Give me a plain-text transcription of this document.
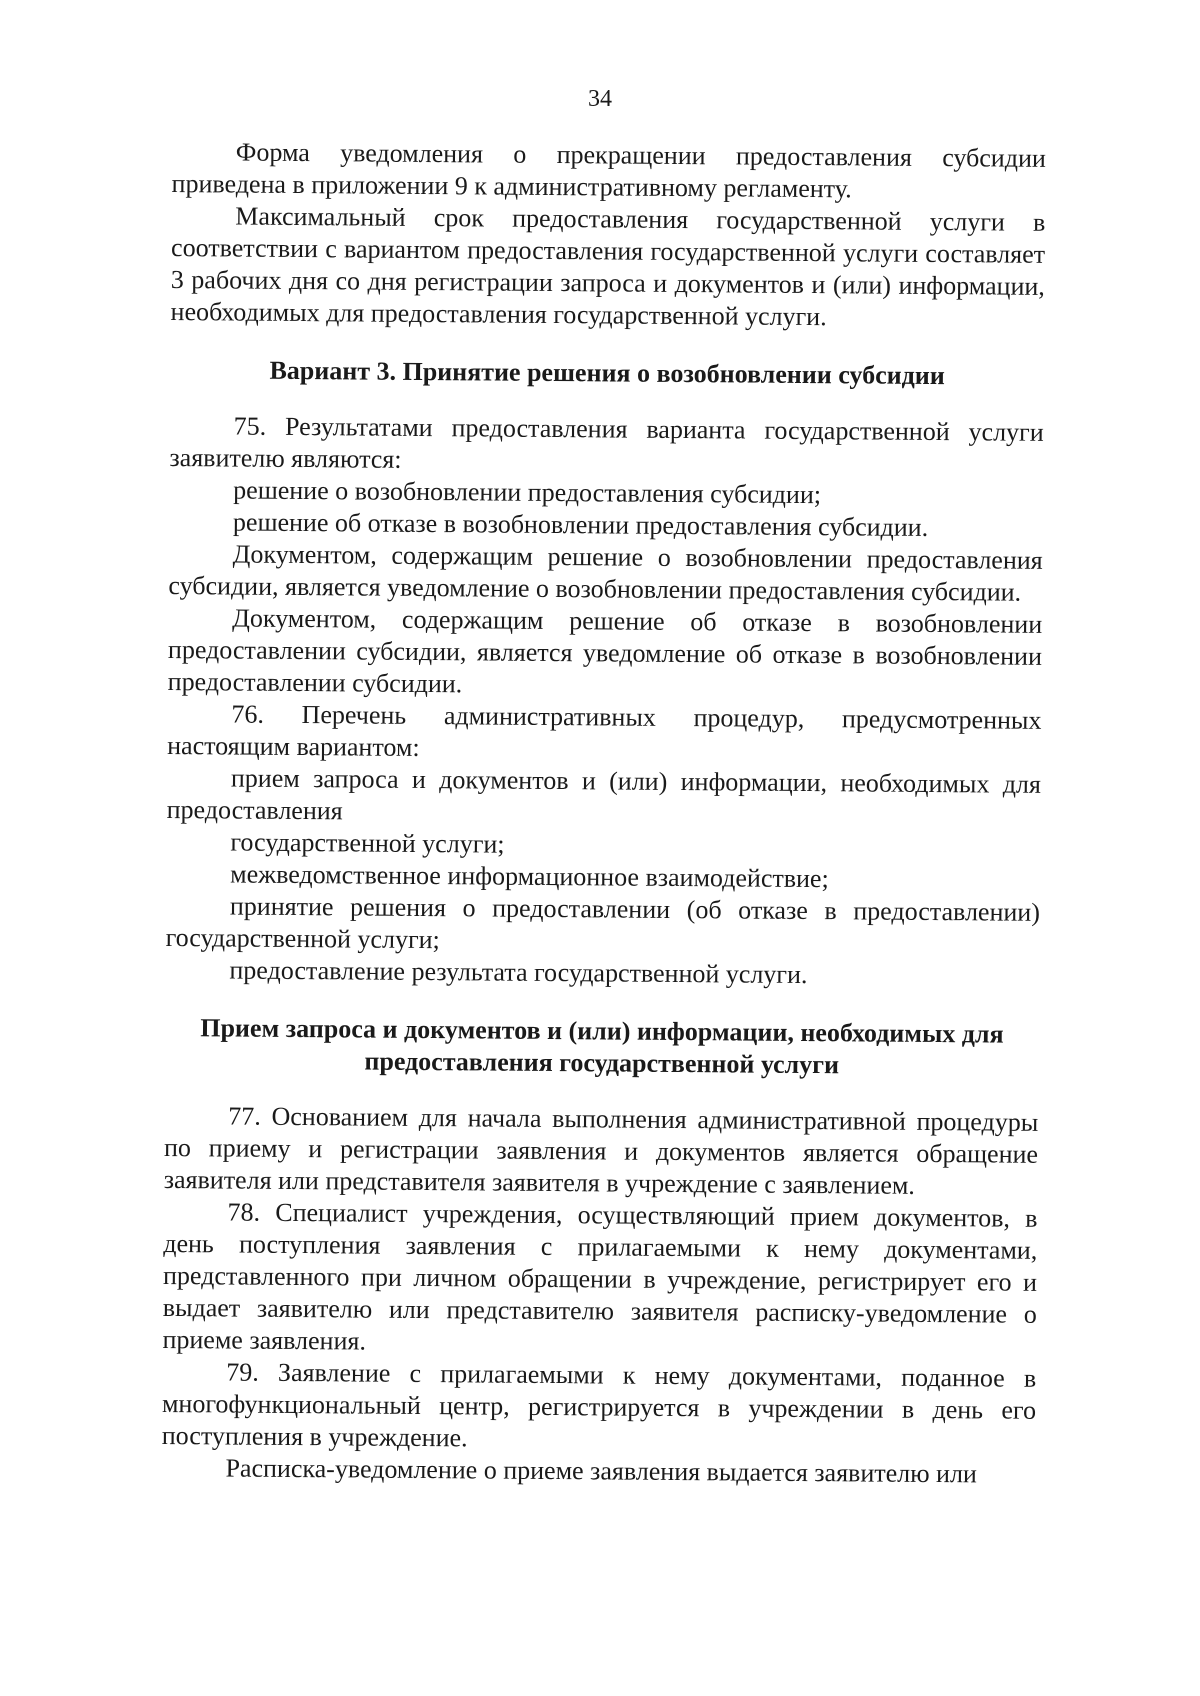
34

Форма уведомления о прекращении предоставления субсидии приведена в приложении 9 к административному регламенту.

Максимальный срок предоставления государственной услуги в соответствии с вариантом предоставления государственной услуги составляет 3 рабочих дня со дня регистрации запроса и документов и (или) информации, необходимых для предоставления государственной услуги.

Вариант 3. Принятие решения о возобновлении субсидии

75. Результатами предоставления варианта государственной услуги заявителю являются:

решение о возобновлении предоставления субсидии;

решение об отказе в возобновлении предоставления субсидии.

Документом, содержащим решение о возобновлении предоставления субсидии, является уведомление о возобновлении предоставления субсидии.

Документом, содержащим решение об отказе в возобновлении предоставлении субсидии, является уведомление об отказе в возобновлении предоставлении субсидии.

76. Перечень административных процедур, предусмотренных настоящим вариантом:

прием запроса и документов и (или) информации, необходимых для предоставления

государственной услуги;

межведомственное информационное взаимодействие;

принятие решения о предоставлении (об отказе в предоставлении) государственной услуги;

предоставление результата государственной услуги.

Прием запроса и документов и (или) информации, необходимых для
предоставления государственной услуги

77. Основанием для начала выполнения административной процедуры по приему и регистрации заявления и документов является обращение заявителя или представителя заявителя в учреждение с заявлением.

78. Специалист учреждения, осуществляющий прием документов, в день поступления заявления с прилагаемыми к нему документами, представленного при личном обращении в учреждение, регистрирует его и выдает заявителю или представителю заявителя расписку-уведомление о приеме заявления.

79. Заявление с прилагаемыми к нему документами, поданное в многофункциональный центр, регистрируется в учреждении в день его поступления в учреждение.

Расписка-уведомление о приеме заявления выдается заявителю или
